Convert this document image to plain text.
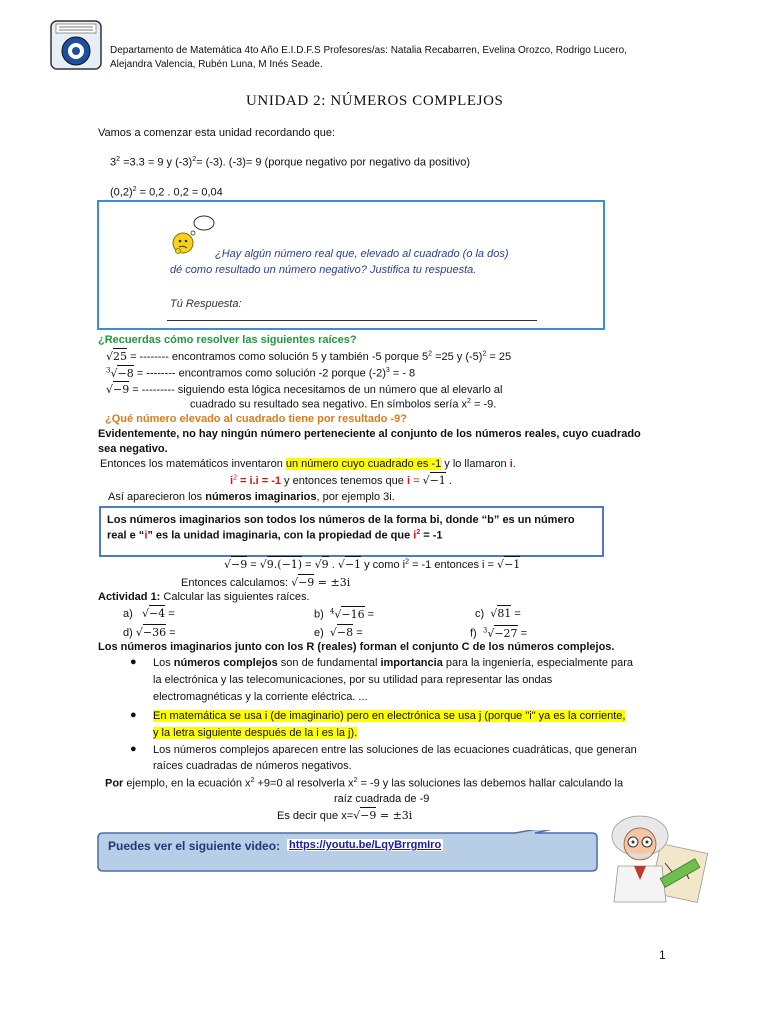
Departamento de Matemática 4to Año E.I.D.F.S Profesores/as: Natalia Recabarren, Evelina Orozco, Rodrigo Lucero,
Alejandra Valencia, Rubén Luna, M Inés Seade.
UNIDAD 2: NÚMEROS COMPLEJOS
Vamos a comenzar esta unidad recordando que:
$3^2 =3.3 = 9$ y $(-3)^2= (-3)$. (-3)= 9 (porque negativo por negativo da positivo)
$(0,2)^2 = 0,2$ . 0,2 = 0,04
¿Hay algún número real que, elevado al cuadrado (o la dos)
dé como resultado un número negativo? Justifica tu respuesta.
Tú Respuesta:
¿Recuerdas cómo resolver las siguientes raíces?
√25 = -------- encontramos como solución 5 y también -5 porque $5^2 =25$ y $(-5)^2 = 25$
$^3$√−8 = -------- encontramos como solución -2 porque $(-2)^3$ = - 8
√−9 = --------- siguiendo esta lógica necesitamos de un número que al elevarlo al
cuadrado su resultado sea negativo. En símbolos sería $x^2 = -9$.
¿Qué número elevado al cuadrado tiene por resultado -9?
Evidentemente, no hay ningún número perteneciente al conjunto de los números reales, cuyo cuadrado
sea negativo.
Entonces los matemáticos inventaron un número cuyo cuadrado es -1 y lo llamaron i.
$i^2 = i.i = -1$ y entonces tenemos que i = √−1 .
Así aparecieron los números imaginarios, por ejemplo 3i.
Los números imaginarios son todos los números de la forma bi, donde “b” es un número
real e “i” es la unidad imaginaria, con la propiedad de que $i^2 = -1$
√−9 = √9.(−1) = √9 . √−1 y como $i^2 = -1$ entonces i = √−1
Entonces calculamos: √−9 = ±3i
Actividad 1: Calcular las siguientes raíces.
a) √−4 =	b) $^4$√−16 =	c) √81 =
d) √−36 =	e) √−8 =	f) $^3$√−27 =
Los números imaginarios junto con los R (reales) forman el conjunto C de los números complejos.
● Los números complejos son de fundamental importancia para la ingeniería, especialmente para
la electrónica y las telecomunicaciones, por su utilidad para representar las ondas
electromagnéticas y la corriente eléctrica. ...
● En matemática se usa i (de imaginario) pero en electrónica se usa j (porque "i" ya es la corriente,
y la letra siguiente después de la i es la j).
● Los números complejos aparecen entre las soluciones de las ecuaciones cuadráticas, que generan
raíces cuadradas de números negativos.
Por ejemplo, en la ecuación $x^2 +9=0$ al resolverla $x^2 = -9$ y las soluciones las debemos hallar calculando la
raíz cuadrada de -9
Es decir que x=√−9 = ±3i
Puedes ver el siguiente video: https://youtu.be/LqyBrrgmIro
1
